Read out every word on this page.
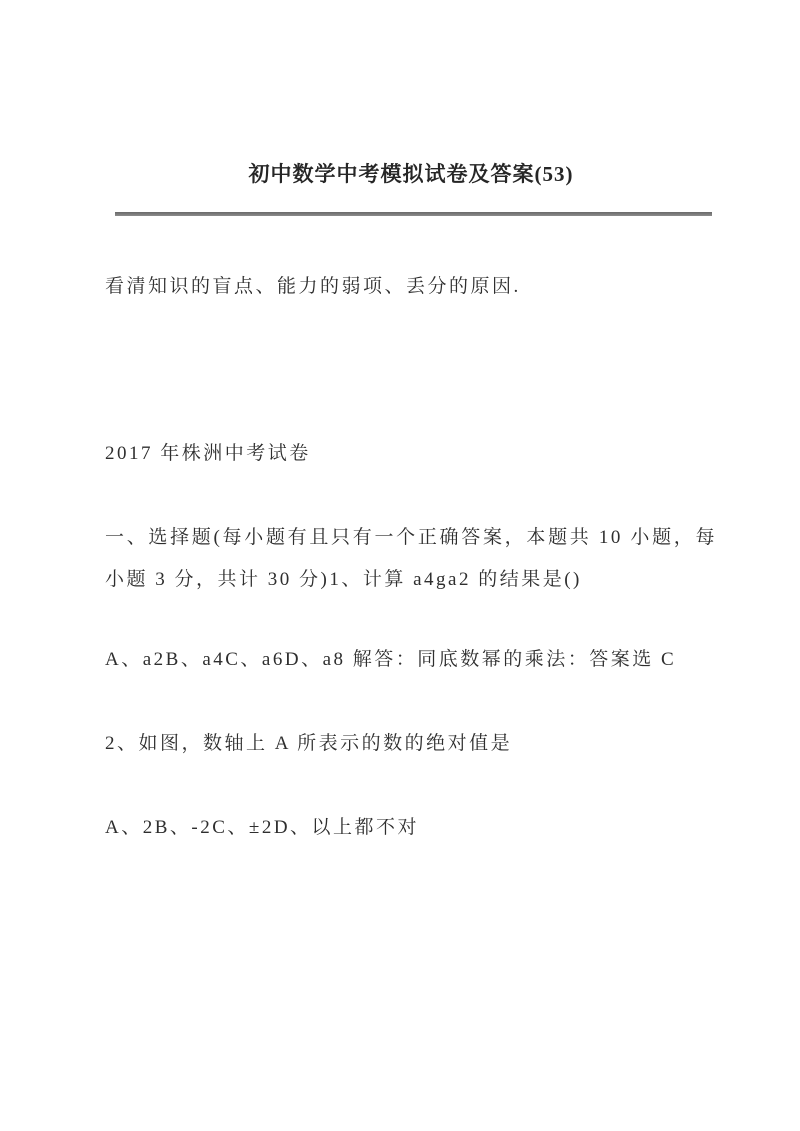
初中数学中考模拟试卷及答案(53)

看清知识的盲点、能力的弱项、丢分的原因.

2017 年株洲中考试卷

一、选择题(每小题有且只有一个正确答案，本题共 10 小题，每小题 3 分，共计 30 分)1、计算 a4ga2 的结果是()

A、a2B、a4C、a6D、a8 解答：同底数幂的乘法：答案选 C

2、如图，数轴上 A 所表示的数的绝对值是

A、2B、-2C、±2D、以上都不对
